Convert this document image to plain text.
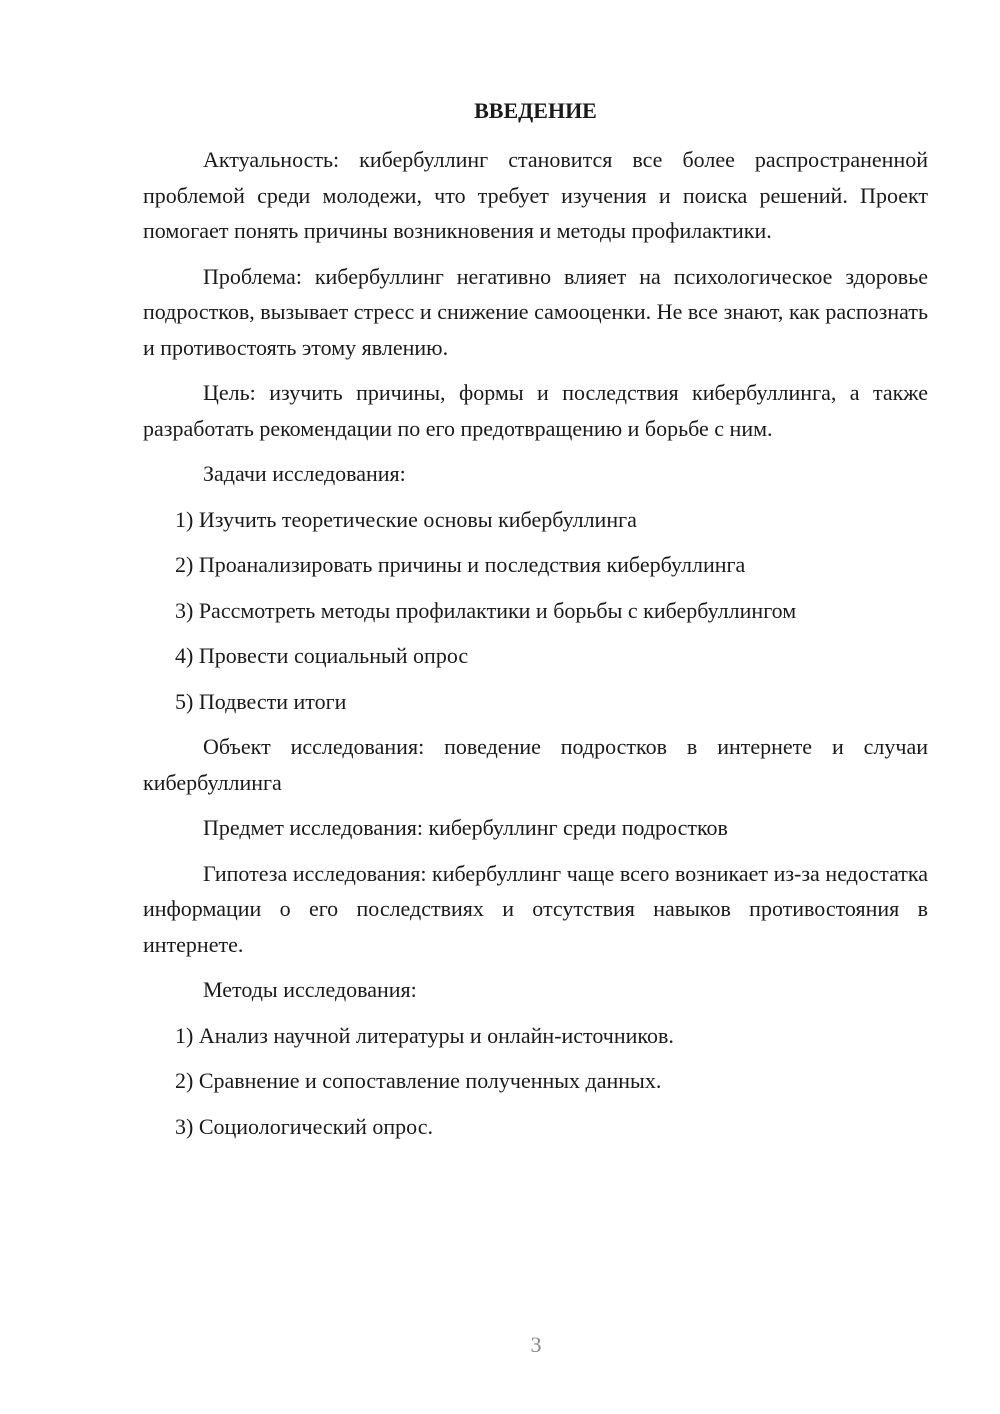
ВВЕДЕНИЕ

Актуальность: кибербуллинг становится все более распространенной проблемой среди молодежи, что требует изучения и поиска решений. Проект помогает понять причины возникновения и методы профилактики.

Проблема: кибербуллинг негативно влияет на психологическое здоровье подростков, вызывает стресс и снижение самооценки. Не все знают, как распознать и противостоять этому явлению.

Цель: изучить причины, формы и последствия кибербуллинга, а также разработать рекомендации по его предотвращению и борьбе с ним.

Задачи исследования:

1) Изучить теоретические основы кибербуллинга

2) Проанализировать причины и последствия кибербуллинга

3) Рассмотреть методы профилактики и борьбы с кибербуллингом

4) Провести социальный опрос

5) Подвести итоги

Объект исследования: поведение подростков в интернете и случаи кибербуллинга

Предмет исследования: кибербуллинг среди подростков

Гипотеза исследования: кибербуллинг чаще всего возникает из-за недостатка информации о его последствиях и отсутствия навыков противостояния в интернете.

Методы исследования:

1) Анализ научной литературы и онлайн-источников.

2) Сравнение и сопоставление полученных данных.

3) Социологический опрос.

3
